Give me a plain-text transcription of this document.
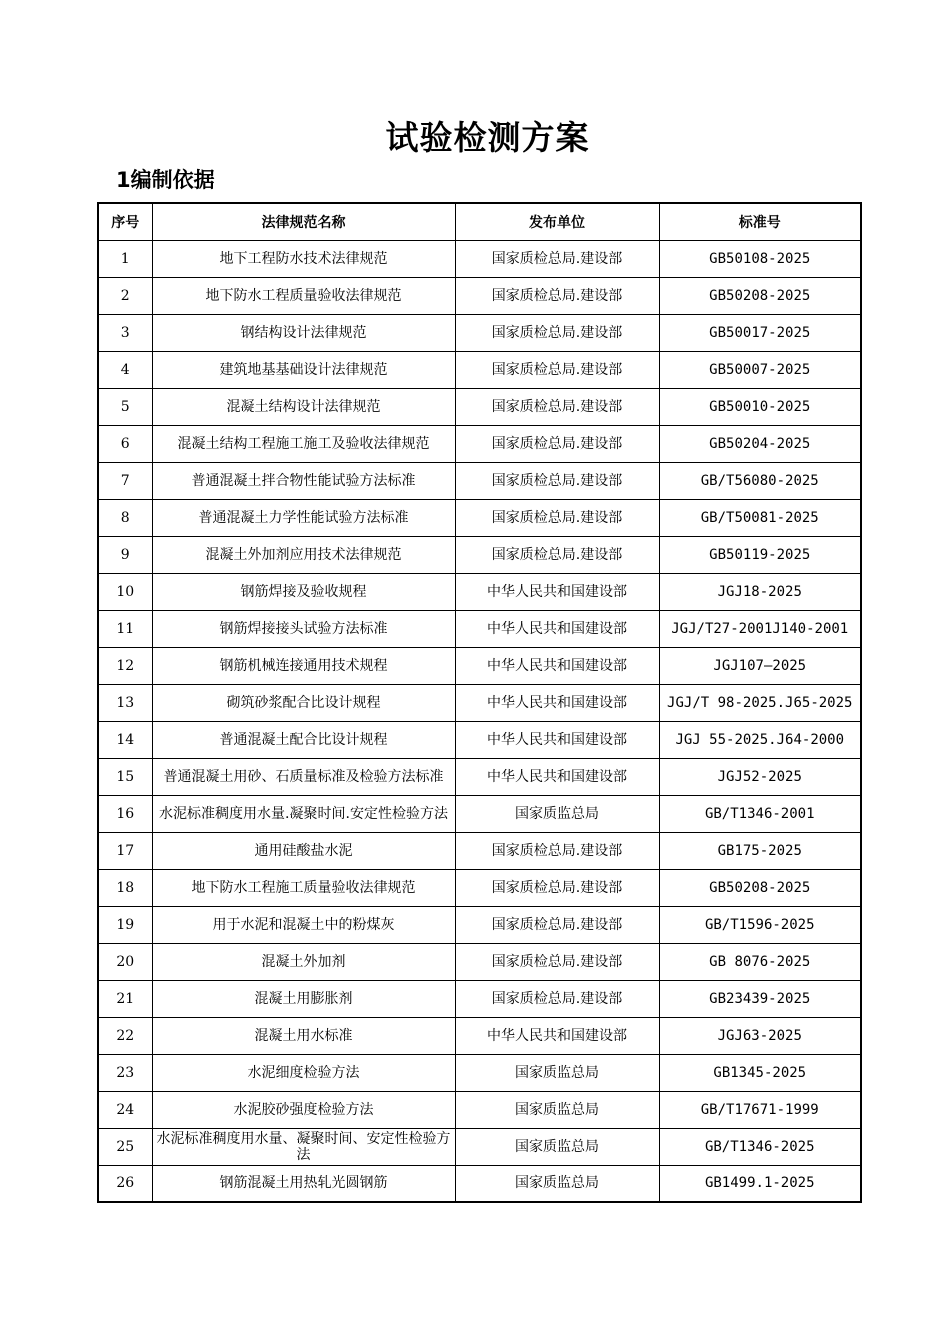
试验检测方案
1编制依据
序号	法律规范名称	发布单位	标准号
1	地下工程防水技术法律规范	国家质检总局.建设部	GB50108-2025
2	地下防水工程质量验收法律规范	国家质检总局.建设部	GB50208-2025
3	钢结构设计法律规范	国家质检总局.建设部	GB50017-2025
4	建筑地基基础设计法律规范	国家质检总局.建设部	GB50007-2025
5	混凝土结构设计法律规范	国家质检总局.建设部	GB50010-2025
6	混凝土结构工程施工施工及验收法律规范	国家质检总局.建设部	GB50204-2025
7	普通混凝土拌合物性能试验方法标准	国家质检总局.建设部	GB/T56080-2025
8	普通混凝土力学性能试验方法标准	国家质检总局.建设部	GB/T50081-2025
9	混凝土外加剂应用技术法律规范	国家质检总局.建设部	GB50119-2025
10	钢筋焊接及验收规程	中华人民共和国建设部	JGJ18-2025
11	钢筋焊接接头试验方法标准	中华人民共和国建设部	JGJ/T27-2001J140-2001
12	钢筋机械连接通用技术规程	中华人民共和国建设部	JGJ107—2025
13	砌筑砂浆配合比设计规程	中华人民共和国建设部	JGJ/T 98-2025.J65-2025
14	普通混凝土配合比设计规程	中华人民共和国建设部	JGJ 55-2025.J64-2000
15	普通混凝土用砂、石质量标准及检验方法标准	中华人民共和国建设部	JGJ52-2025
16	水泥标准稠度用水量.凝聚时间.安定性检验方法	国家质监总局	GB/T1346-2001
17	通用硅酸盐水泥	国家质检总局.建设部	GB175-2025
18	地下防水工程施工质量验收法律规范	国家质检总局.建设部	GB50208-2025
19	用于水泥和混凝土中的粉煤灰	国家质检总局.建设部	GB/T1596-2025
20	混凝土外加剂	国家质检总局.建设部	GB 8076-2025
21	混凝土用膨胀剂	国家质检总局.建设部	GB23439-2025
22	混凝土用水标准	中华人民共和国建设部	JGJ63-2025
23	水泥细度检验方法	国家质监总局	GB1345-2025
24	水泥胶砂强度检验方法	国家质监总局	GB/T17671-1999
25	水泥标准稠度用水量、凝聚时间、安定性检验方法	国家质监总局	GB/T1346-2025
26	钢筋混凝土用热轧光圆钢筋	国家质监总局	GB1499.1-2025
